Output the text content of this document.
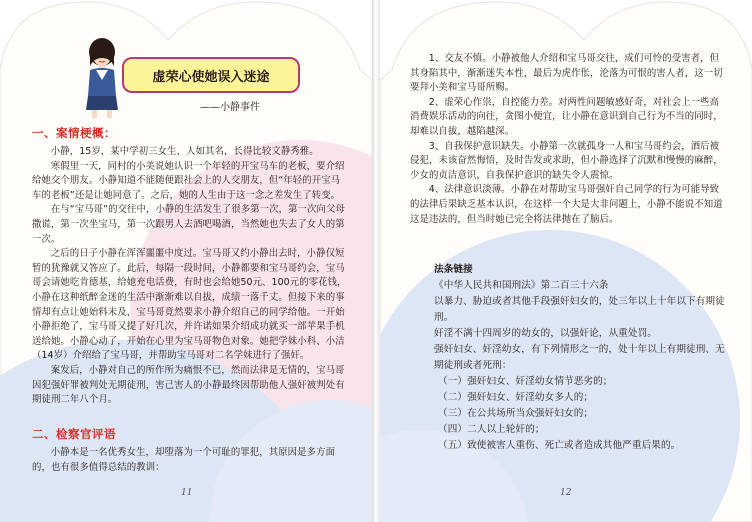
虚荣心使她误入迷途
——小静事件
一、案情梗概：

小静，15岁，某中学初三女生，人如其名，长得比较文静秀雅。

寒假里一天，同村的小美说她认识一个年轻的开宝马车的老板，要介绍给她交个朋友。小静知道不能随便跟社会上的人交朋友，但“年轻的开宝马车的老板”还是让她同意了。之后，她的人生由于这一念之差发生了转变。

在与“宝马哥”的交往中，小静的生活发生了很多第一次，第一次向父母撒谎，第一次坐宝马，第一次跟男人去酒吧喝酒，当然她也失去了女人的第一次。

之后的日子小静在浑浑噩噩中度过。宝马哥又约小静出去时，小静仅短暂的犹豫就又答应了。此后，每隔一段时间，小静都要和宝马哥约会，宝马哥会请她吃肯德基，给她充电话费，有时也会给她50元、100元的零花钱，小静在这种纸醉金迷的生活中渐渐难以自拔，成绩一落千丈。但接下来的事情却有点让她始料未及，宝马哥竟然要求小静介绍自己的同学给他。一开始小静拒绝了，宝马哥又提了好几次，并许诺如果介绍成功就买一部苹果手机送给她。小静心动了，开始在心里为宝马哥物色对象。她把学妹小科、小洁（14岁）介绍给了宝马哥，并帮助宝马哥对二名学妹进行了强奸。

案发后，小静对自己的所作所为痛恨不已，然而法律是无情的，宝马哥因犯强奸罪被判处无期徒刑，害己害人的小静最终因帮助他人强奸被判处有期徒刑二年八个月。

二、检察官评语

小静本是一名优秀女生，却堕落为一个可耻的罪犯，其原因是多方面的，也有很多值得总结的教训：

11

1、交友不慎。小静被他人介绍和宝马哥交往，成们可怜的受害者，但其身陷其中，渐渐迷失本性，最后为虎作伥，沦落为可恨的害人者，这一切要拜小美和宝马哥所赐。

2、虚荣心作祟，自控能力差。对两性问题敏感好奇，对社会上一些高消费娱乐活动的向往，贪图小便宜，让小静在意识到自己行为不当的同时，却难以自拔，越陷越深。

3、自我保护意识缺失。小静第一次就孤身一人和宝马哥约会，酒后被侵犯，未该奋然悔悟，及时告发或求助，但小静选择了沉默和慢慢的麻醉，少女的贞洁意识，自我保护意识的缺失令人震惊。

4、法律意识淡薄。小静在对帮助宝马哥强奸自己同学的行为可能导致的法律后果缺乏基本认识，在这样一个大是大非问题上，小静不能说不知道这是违法的，但当时她已完全将法律抛在了脑后。

法条链接

《中华人民共和国刑法》第二百三十六条

以暴力、胁迫或者其他手段强奸妇女的，处三年以上十年以下有期徒刑。

奸淫不满十四周岁的幼女的，以强奸论，从重处罚。

强奸妇女、奸淫幼女，有下列情形之一的，处十年以上有期徒刑、无期徒刑或者死刑：

（一）强奸妇女、奸淫幼女情节恶劣的；

（二）强奸妇女、奸淫幼女多人的；

（三）在公共场所当众强奸妇女的；

（四）二人以上轮奸的；

（五）致使被害人重伤、死亡或者造成其他严重后果的。

12
